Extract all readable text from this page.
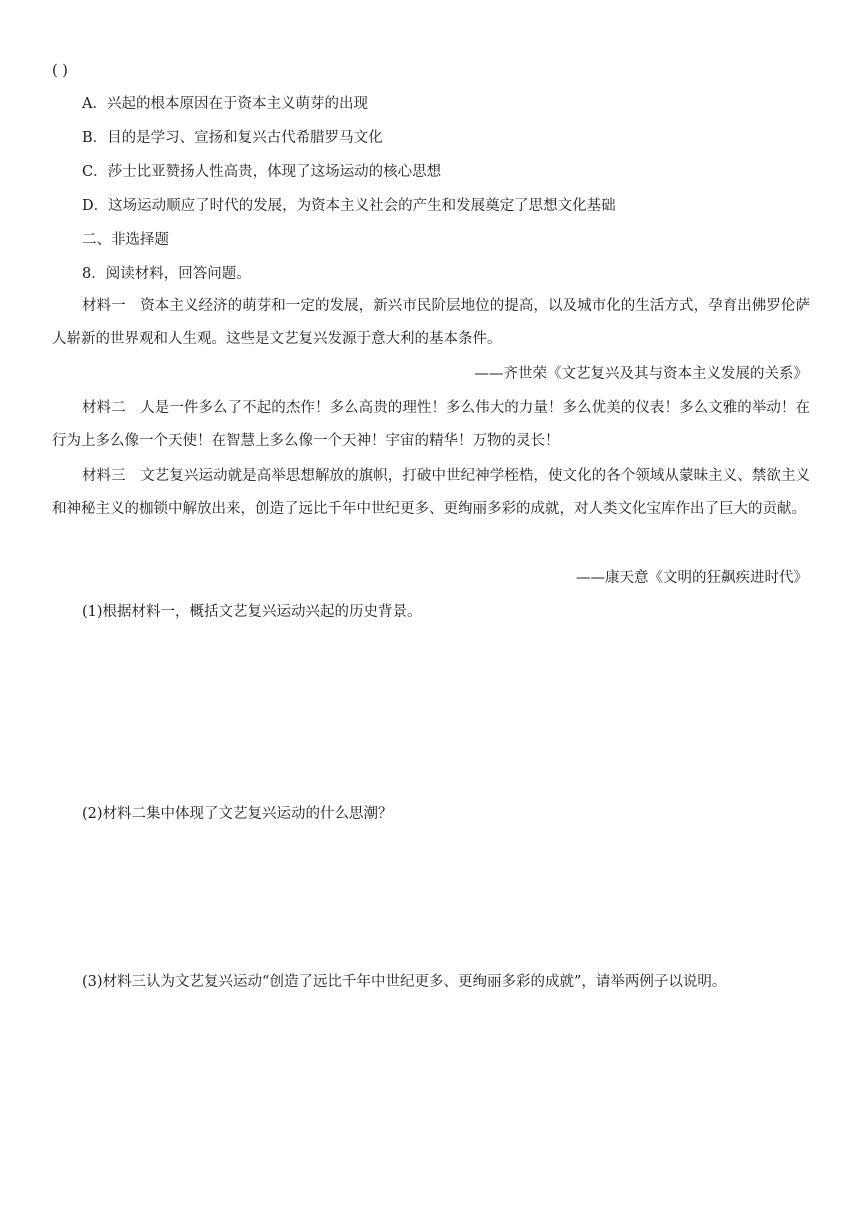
( )
A．兴起的根本原因在于资本主义萌芽的出现
B．目的是学习、宣扬和复兴古代希腊罗马文化
C．莎士比亚赞扬人性高贵，体现了这场运动的核心思想
D．这场运动顺应了时代的发展，为资本主义社会的产生和发展奠定了思想文化基础
二、非选择题
8．阅读材料，回答问题。
材料一　资本主义经济的萌芽和一定的发展，新兴市民阶层地位的提高，以及城市化的生活方式，孕育出佛罗伦萨人崭新的世界观和人生观。这些是文艺复兴发源于意大利的基本条件。
——齐世荣《文艺复兴及其与资本主义发展的关系》
材料二　人是一件多么了不起的杰作！多么高贵的理性！多么伟大的力量！多么优美的仪表！多么文雅的举动！在行为上多么像一个天使！在智慧上多么像一个天神！宇宙的精华！万物的灵长！
材料三　文艺复兴运动就是高举思想解放的旗帜，打破中世纪神学桎梏，使文化的各个领域从蒙昧主义、禁欲主义和神秘主义的枷锁中解放出来，创造了远比千年中世纪更多、更绚丽多彩的成就，对人类文化宝库作出了巨大的贡献。
——康天意《文明的狂飙疾进时代》
(1)根据材料一，概括文艺复兴运动兴起的历史背景。
(2)材料二集中体现了文艺复兴运动的什么思潮？
(3)材料三认为文艺复兴运动“创造了远比千年中世纪更多、更绚丽多彩的成就”，请举两例子以说明。
